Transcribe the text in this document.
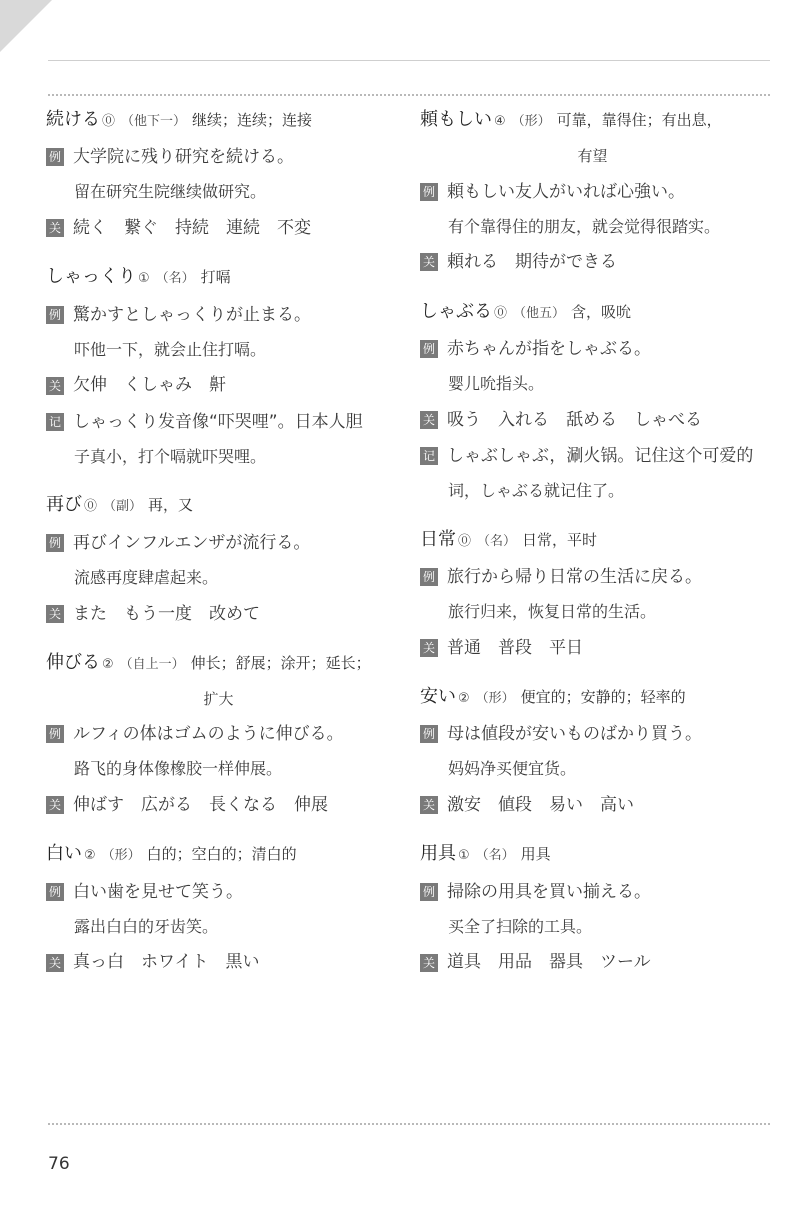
続ける ⓪ （他下一） 继续；连续；连接
例 大学院に残り研究を続ける。
留在研究生院继续做研究。
关 続く　繋ぐ　持続　連続　不変
しゃっくり ① （名） 打嗝
例 驚かすとしゃっくりが止まる。
吓他一下，就会止住打嗝。
关 欠伸　くしゃみ　鼾
记 しゃっくり发音像“吓哭哩”。日本人胆
子真小，打个嗝就吓哭哩。
再び ⓪ （副） 再，又
例 再びインフルエンザが流行る。
流感再度肆虐起来。
关 また　もう一度　改めて
伸びる ② （自上一） 伸长；舒展；涂开；延长；
扩大
例 ルフィの体はゴムのように伸びる。
路飞的身体像橡胶一样伸展。
关 伸ばす　広がる　長くなる　伸展
白い ② （形） 白的；空白的；清白的
例 白い歯を見せて笑う。
露出白白的牙齿笑。
关 真っ白　ホワイト　黒い
頼もしい ④ （形） 可靠，靠得住；有出息，
有望
例 頼もしい友人がいれば心強い。
有个靠得住的朋友，就会觉得很踏实。
关 頼れる　期待ができる
しゃぶる ⓪ （他五） 含，吸吮
例 赤ちゃんが指をしゃぶる。
婴儿吮指头。
关 吸う　入れる　舐める　しゃべる
记 しゃぶしゃぶ，涮火锅。记住这个可爱的
词，しゃぶる就记住了。
日常 ⓪ （名） 日常，平时
例 旅行から帰り日常の生活に戻る。
旅行归来，恢复日常的生活。
关 普通　普段　平日
安い ② （形） 便宜的；安静的；轻率的
例 母は値段が安いものばかり買う。
妈妈净买便宜货。
关 激安　値段　易い　高い
用具 ① （名） 用具
例 掃除の用具を買い揃える。
买全了扫除的工具。
关 道具　用品　器具　ツール
76
